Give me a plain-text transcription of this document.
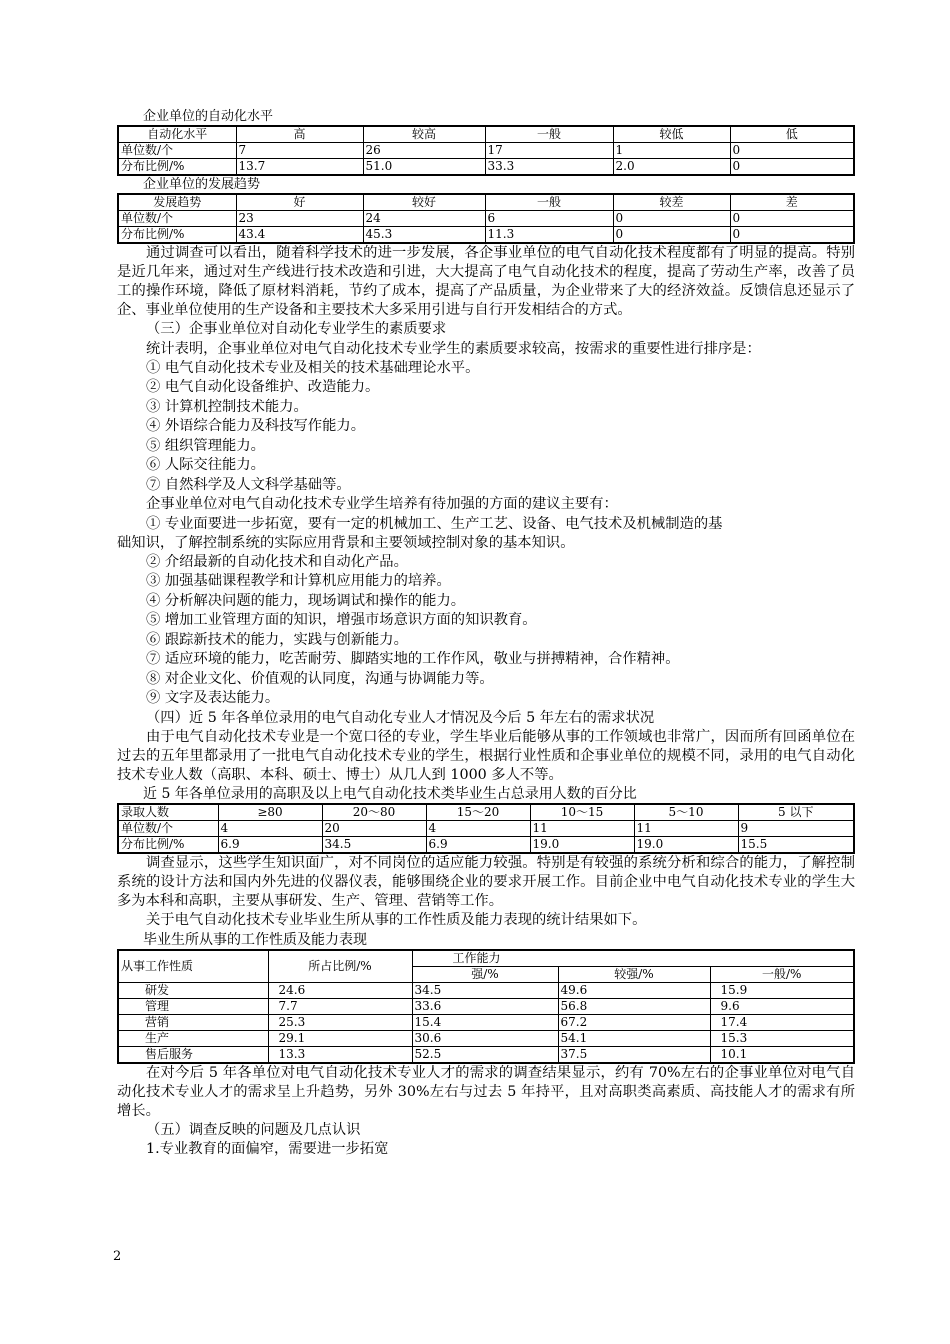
企业单位的自动化水平
自动化水平	高	较高	一般	较低	低
单位数/个	7	26	17	1	0
分布比例/%	13.7	51.0	33.3	2.0	0
企业单位的发展趋势
发展趋势	好	较好	一般	较差	差
单位数/个	23	24	6	0	0
分布比例/%	43.4	45.3	11.3	0	0

通过调查可以看出，随着科学技术的进一步发展，各企事业单位的电气自动化技术程度都有了明显的提高。特别是近几年来，通过对生产线进行技术改造和引进，大大提高了电气自动化技术的程度，提高了劳动生产率，改善了员工的操作环境，降低了原材料消耗，节约了成本，提高了产品质量，为企业带来了大的经济效益。反馈信息还显示了企、事业单位使用的生产设备和主要技术大多采用引进与自行开发相结合的方式。

（三）企事业单位对自动化专业学生的素质要求

统计表明，企事业单位对电气自动化技术专业学生的素质要求较高，按需求的重要性进行排序是：

① 电气自动化技术专业及相关的技术基础理论水平。

② 电气自动化设备维护、改造能力。

③ 计算机控制技术能力。

④ 外语综合能力及科技写作能力。

⑤ 组织管理能力。

⑥ 人际交往能力。

⑦ 自然科学及人文科学基础等。

企事业单位对电气自动化技术专业学生培养有待加强的方面的建议主要有：

① 专业面要进一步拓宽，要有一定的机械加工、生产工艺、设备、电气技术及机械制造的基
础知识，了解控制系统的实际应用背景和主要领域控制对象的基本知识。

② 介绍最新的自动化技术和自动化产品。

③ 加强基础课程教学和计算机应用能力的培养。

④ 分析解决问题的能力，现场调试和操作的能力。

⑤ 增加工业管理方面的知识，增强市场意识方面的知识教育。

⑥ 跟踪新技术的能力，实践与创新能力。

⑦ 适应环境的能力，吃苦耐劳、脚踏实地的工作作风，敬业与拼搏精神，合作精神。

⑧ 对企业文化、价值观的认同度，沟通与协调能力等。

⑨ 文字及表达能力。

（四）近 5 年各单位录用的电气自动化专业人才情况及今后 5 年左右的需求状况

由于电气自动化技术专业是一个宽口径的专业，学生毕业后能够从事的工作领域也非常广，因而所有回函单位在过去的五年里都录用了一批电气自动化技术专业的学生，根据行业性质和企事业单位的规模不同，录用的电气自动化技术专业人数（高职、本科、硕士、博士）从几人到 1000 多人不等。

近 5 年各单位录用的高职及以上电气自动化技术类毕业生占总录用人数的百分比
录取人数	≥80	20～80	15～20	10～15	5～10	5 以下
单位数/个	4	20	4	11	11	9
分布比例/%	6.9	34.5	6.9	19.0	19.0	15.5

调查显示，这些学生知识面广，对不同岗位的适应能力较强。特别是有较强的系统分析和综合的能力，了解控制系统的设计方法和国内外先进的仪器仪表，能够围绕企业的要求开展工作。目前企业中电气自动化技术专业的学生大多为本科和高职，主要从事研发、生产、管理、营销等工作。

关于电气自动化技术专业毕业生所从事的工作性质及能力表现的统计结果如下。

毕业生所从事的工作性质及能力表现
从事工作性质	所占比例/%	工作能力		
		强/%	较强/%	一般/%
研发	24.6	34.5	49.6	15.9
管理	7.7	33.6	56.8	9.6
营销	25.3	15.4	67.2	17.4
生产	29.1	30.6	54.1	15.3
售后服务	13.3	52.5	37.5	10.1

在对今后 5 年各单位对电气自动化技术专业人才的需求的调查结果显示，约有 70%左右的企事业单位对电气自动化技术专业人才的需求呈上升趋势，另外 30%左右与过去 5 年持平，且对高职类高素质、高技能人才的需求有所增长。

（五）调查反映的问题及几点认识

1.专业教育的面偏窄，需要进一步拓宽

2
